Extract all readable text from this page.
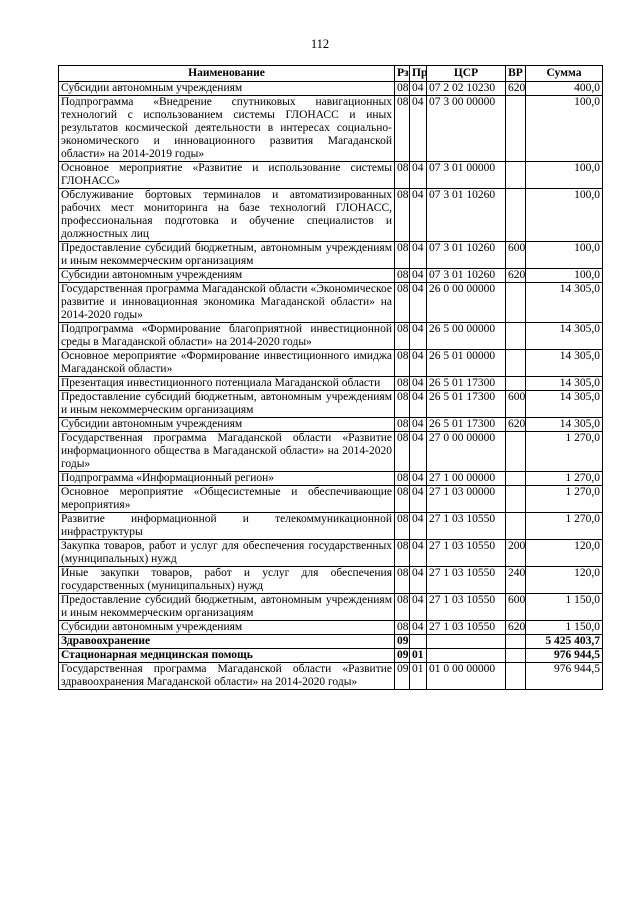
112
Наименование	Рз	Пр	ЦСР	ВР	Сумма
Субсидии автономным учреждениям	08	04	07 2 02 10230	620	400,0
Подпрограмма «Внедрение спутниковых навигационных технологий с использованием системы ГЛОНАСС и иных результатов космической деятельности в интересах социально-экономического и инновационного развития Магаданской области» на 2014-2019 годы»	08	04	07 3 00 00000		100,0
Основное мероприятие «Развитие и использование системы ГЛОНАСС»	08	04	07 3 01 00000		100,0
Обслуживание бортовых терминалов и автоматизированных рабочих мест мониторинга на базе технологий ГЛОНАСС, профессиональная подготовка и обучение специалистов и должностных лиц	08	04	07 3 01 10260		100,0
Предоставление субсидий бюджетным, автономным учреждениям и иным некоммерческим организациям	08	04	07 3 01 10260	600	100,0
Субсидии автономным учреждениям	08	04	07 3 01 10260	620	100,0
Государственная программа Магаданской области «Экономическое развитие и инновационная экономика Магаданской области» на 2014-2020 годы»	08	04	26 0 00 00000		14 305,0
Подпрограмма «Формирование благоприятной инвестиционной среды в Магаданской области» на 2014-2020 годы»	08	04	26 5 00 00000		14 305,0
Основное мероприятие «Формирование инвестиционного имиджа Магаданской области»	08	04	26 5 01 00000		14 305,0
Презентация инвестиционного потенциала Магаданской области	08	04	26 5 01 17300		14 305,0
Предоставление субсидий бюджетным, автономным учреждениям и иным некоммерческим организациям	08	04	26 5 01 17300	600	14 305,0
Субсидии автономным учреждениям	08	04	26 5 01 17300	620	14 305,0
Государственная программа Магаданской области «Развитие информационного общества в Магаданской области» на 2014-2020 годы»	08	04	27 0 00 00000		1 270,0
Подпрограмма «Информационный регион»	08	04	27 1 00 00000		1 270,0
Основное мероприятие «Общесистемные и обеспечивающие мероприятия»	08	04	27 1 03 00000		1 270,0
Развитие информационной и телекоммуникационной инфраструктуры	08	04	27 1 03 10550		1 270,0
Закупка товаров, работ и услуг для обеспечения государственных (муниципальных) нужд	08	04	27 1 03 10550	200	120,0
Иные закупки товаров, работ и услуг для обеспечения государственных (муниципальных) нужд	08	04	27 1 03 10550	240	120,0
Предоставление субсидий бюджетным, автономным учреждениям и иным некоммерческим организациям	08	04	27 1 03 10550	600	1 150,0
Субсидии автономным учреждениям	08	04	27 1 03 10550	620	1 150,0
Здравоохранение	09				5 425 403,7
Стационарная медицинская помощь	09	01			976 944,5
Государственная программа Магаданской области «Развитие здравоохранения Магаданской области» на 2014-2020 годы»	09	01	01 0 00 00000		976 944,5
